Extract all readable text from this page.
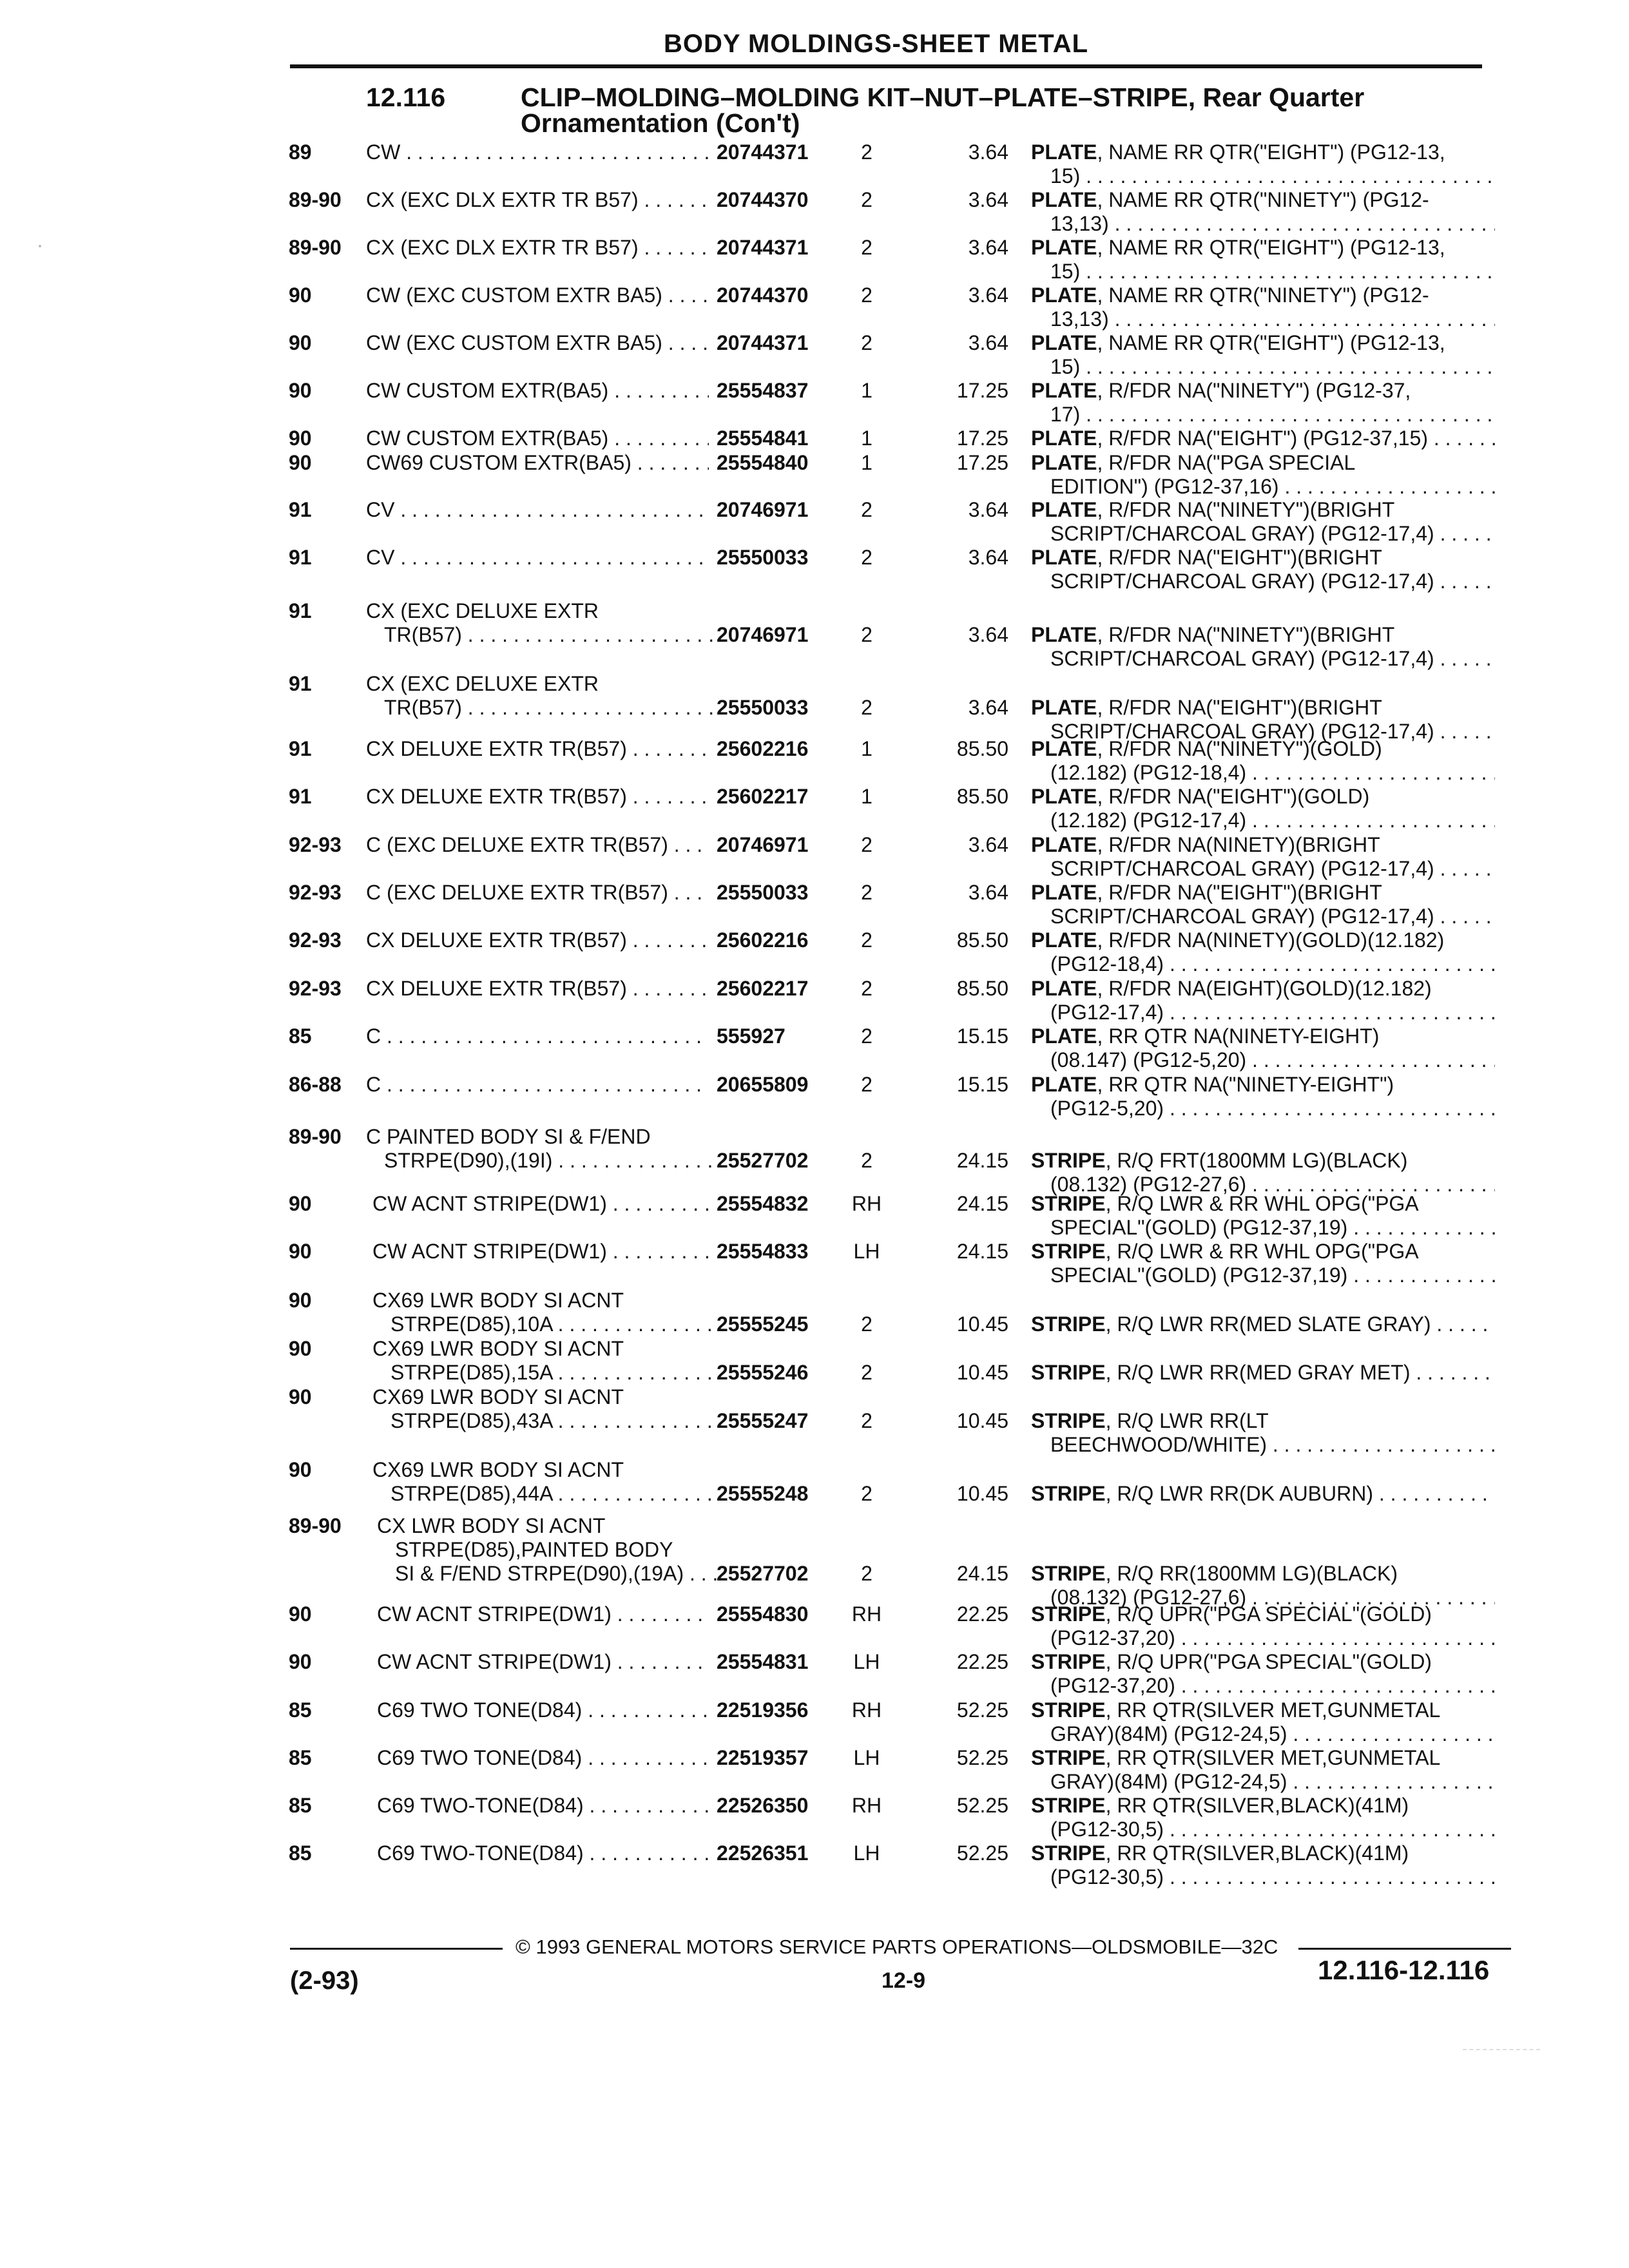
BODY MOLDINGS-SHEET METAL
12.116	CLIP–MOLDING–MOLDING KIT–NUT–PLATE–STRIPE, Rear Quarter
Ornamentation (Con't)
89	CW . . .	20744371	2	3.64 PLATE, NAME RR QTR("EIGHT") (PG12-13,
15) . . .
89-90 CX (EXC DLX EXTR TR B57) . . .	20744370	2	3.64 PLATE, NAME RR QTR("NINETY") (PG12-
13,13) . . .
89-90 CX (EXC DLX EXTR TR B57) . . .	20744371	2	3.64 PLATE, NAME RR QTR("EIGHT") (PG12-13,
15) . . .
90	CW (EXC CUSTOM EXTR BA5) . . .	20744370	2	3.64 PLATE, NAME RR QTR("NINETY") (PG12-
13,13) . . .
90	CW (EXC CUSTOM EXTR BA5) . . .	20744371	2	3.64 PLATE, NAME RR QTR("EIGHT") (PG12-13,
15) . . .
90	CW CUSTOM EXTR(BA5) . . .	25554837	1	17.25 PLATE, R/FDR NA("NINETY") (PG12-37,
17) . . .
90	CW CUSTOM EXTR(BA5) . . .	25554841	1	17.25 PLATE, R/FDR NA("EIGHT") (PG12-37,15) . . .
90	CW69 CUSTOM EXTR(BA5) . . .	25554840	1	17.25 PLATE, R/FDR NA("PGA SPECIAL
EDITION") (PG12-37,16) . . .
91	CV . . .	20746971	2	3.64 PLATE, R/FDR NA("NINETY")(BRIGHT
SCRIPT/CHARCOAL GRAY) (PG12-17,4) . . .
91	CV . . .	25550033	2	3.64 PLATE, R/FDR NA("EIGHT")(BRIGHT
SCRIPT/CHARCOAL GRAY) (PG12-17,4) . . .
91	CX (EXC DELUXE EXTR
TR(B57) . . .	20746971	2	3.64 PLATE, R/FDR NA("NINETY")(BRIGHT
SCRIPT/CHARCOAL GRAY) (PG12-17,4) . . .
91	CX (EXC DELUXE EXTR
TR(B57) . . .	25550033	2	3.64 PLATE, R/FDR NA("EIGHT")(BRIGHT
SCRIPT/CHARCOAL GRAY) (PG12-17,4) . . .
91	CX DELUXE EXTR TR(B57) . . .	25602216	1	85.50 PLATE, R/FDR NA("NINETY")(GOLD)
(12.182) (PG12-18,4) . . .
91	CX DELUXE EXTR TR(B57) . . .	25602217	1	85.50 PLATE, R/FDR NA("EIGHT")(GOLD)
(12.182) (PG12-17,4) . . .
92-93 C (EXC DELUXE EXTR TR(B57) . . .	20746971	2	3.64 PLATE, R/FDR NA(NINETY)(BRIGHT
SCRIPT/CHARCOAL GRAY) (PG12-17,4) . . .
92-93 C (EXC DELUXE EXTR TR(B57) . . .	25550033	2	3.64 PLATE, R/FDR NA("EIGHT")(BRIGHT
SCRIPT/CHARCOAL GRAY) (PG12-17,4) . . .
92-93 CX DELUXE EXTR TR(B57) . . .	25602216	2	85.50 PLATE, R/FDR NA(NINETY)(GOLD)(12.182)
(PG12-18,4) . . .
92-93 CX DELUXE EXTR TR(B57) . . .	25602217	2	85.50 PLATE, R/FDR NA(EIGHT)(GOLD)(12.182)
(PG12-17,4) . . .
85	C . . .	555927	2	15.15 PLATE, RR QTR NA(NINETY-EIGHT)
(08.147) (PG12-5,20) . . .
86-88 C . . .	20655809	2	15.15 PLATE, RR QTR NA("NINETY-EIGHT")
(PG12-5,20) . . .
89-90 C PAINTED BODY SI & F/END
STRPE(D90),(19I) . . .	25527702	2	24.15 STRIPE, R/Q FRT(1800MM LG)(BLACK)
(08.132) (PG12-27,6) . . .
90	CW ACNT STRIPE(DW1) . . .	25554832	RH	24.15 STRIPE, R/Q LWR & RR WHL OPG("PGA
SPECIAL"(GOLD) (PG12-37,19) . . .
90	CW ACNT STRIPE(DW1) . . .	25554833	LH	24.15 STRIPE, R/Q LWR & RR WHL OPG("PGA
SPECIAL"(GOLD) (PG12-37,19) . . .
90	CX69 LWR BODY SI ACNT
STRPE(D85),10A . . .	25555245	2	10.45 STRIPE, R/Q LWR RR(MED SLATE GRAY) . . .
90	CX69 LWR BODY SI ACNT
STRPE(D85),15A . . .	25555246	2	10.45 STRIPE, R/Q LWR RR(MED GRAY MET) . . .
90	CX69 LWR BODY SI ACNT
STRPE(D85),43A . . .	25555247	2	10.45 STRIPE, R/Q LWR RR(LT
BEECHWOOD/WHITE) . . .
90	CX69 LWR BODY SI ACNT
STRPE(D85),44A . . .	25555248	2	10.45 STRIPE, R/Q LWR RR(DK AUBURN) . . .
89-90 CX LWR BODY SI ACNT
STRPE(D85),PAINTED BODY
SI & F/END STRPE(D90),(19A) . . .	25527702	2	24.15 STRIPE, R/Q RR(1800MM LG)(BLACK)
(08.132) (PG12-27,6) . . .
90	CW ACNT STRIPE(DW1) . . .	25554830	RH	22.25 STRIPE, R/Q UPR("PGA SPECIAL"(GOLD)
(PG12-37,20) . . .
90	CW ACNT STRIPE(DW1) . . .	25554831	LH	22.25 STRIPE, R/Q UPR("PGA SPECIAL"(GOLD)
(PG12-37,20) . . .
85	C69 TWO TONE(D84) . . .	22519356	RH	52.25 STRIPE, RR QTR(SILVER MET,GUNMETAL
GRAY)(84M) (PG12-24,5) . . .
85	C69 TWO TONE(D84) . . .	22519357	LH	52.25 STRIPE, RR QTR(SILVER MET,GUNMETAL
GRAY)(84M) (PG12-24,5) . . .
85	C69 TWO-TONE(D84) . . .	22526350	RH	52.25 STRIPE, RR QTR(SILVER,BLACK)(41M)
(PG12-30,5) . . .
85	C69 TWO-TONE(D84) . . .	22526351	LH	52.25 STRIPE, RR QTR(SILVER,BLACK)(41M)
(PG12-30,5) . . .
© 1993 GENERAL MOTORS SERVICE PARTS OPERATIONS—OLDSMOBILE—32C
(2-93)	12-9	12.116-12.116
